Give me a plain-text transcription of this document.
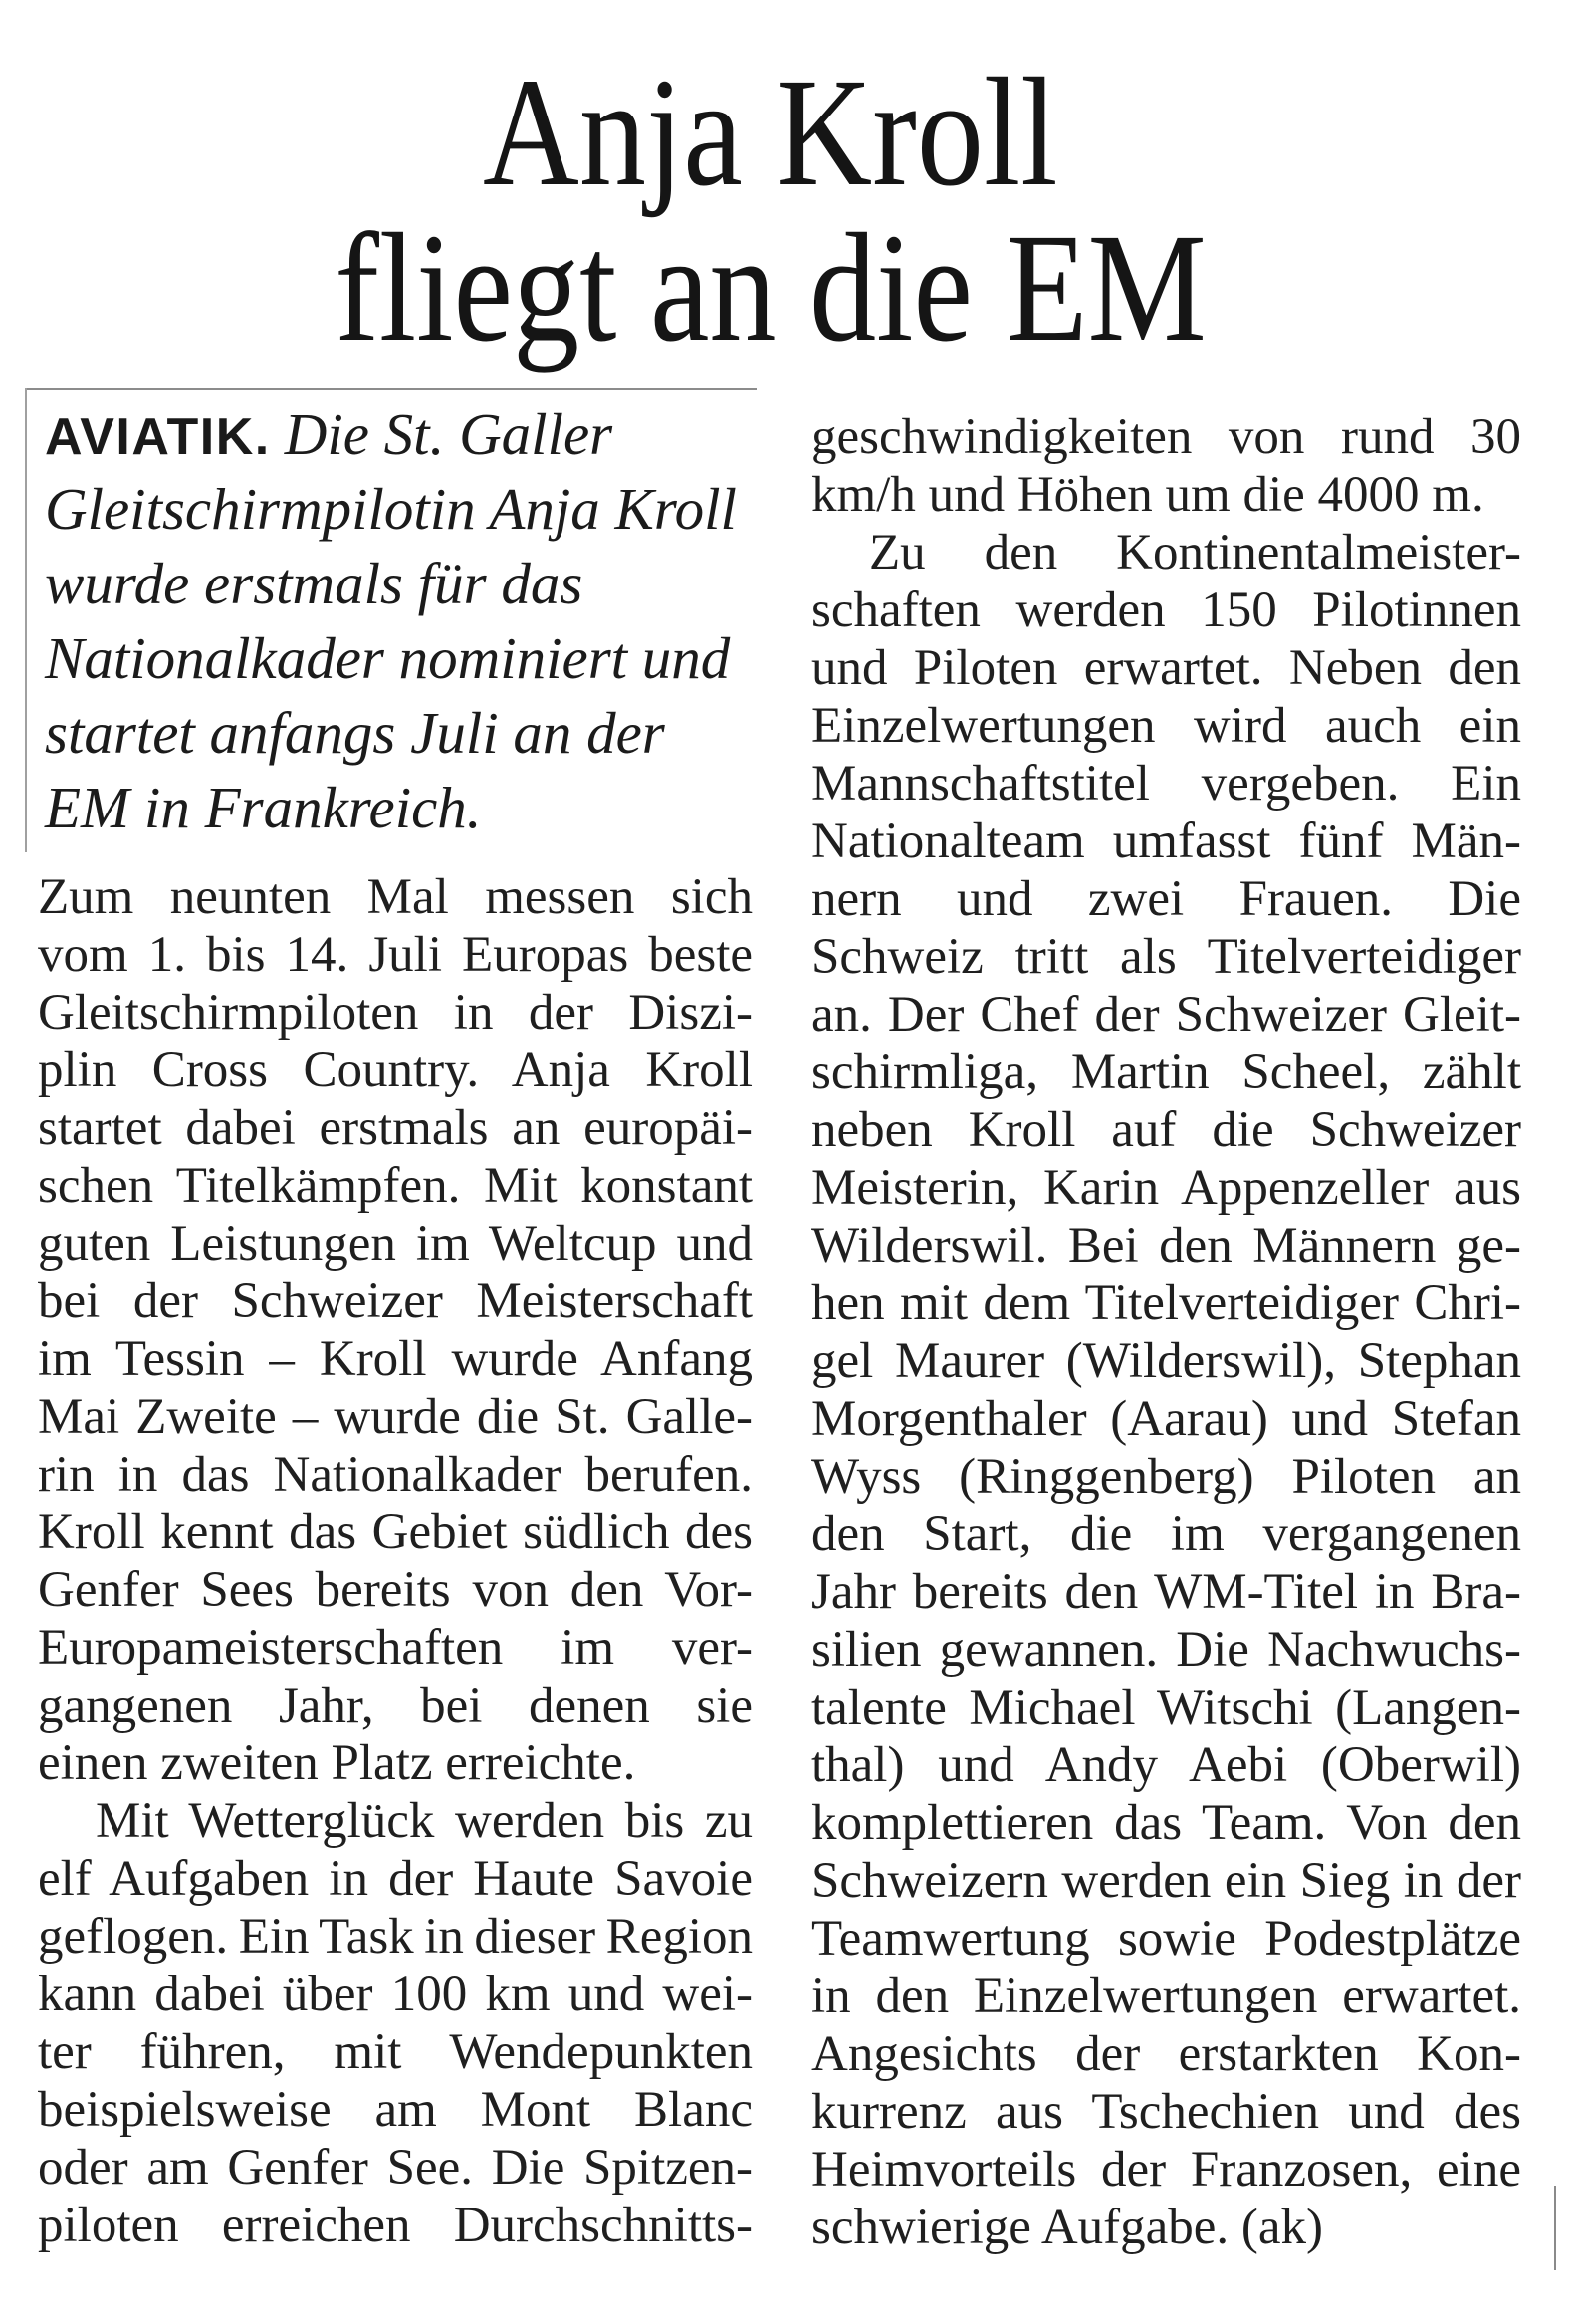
Anja Kroll
fliegt an die EM
AVIATIK. Die St. Galler
Gleitschirmpilotin Anja Kroll
wurde erstmals für das
Nationalkader nominiert und
startet anfangs Juli an der
EM in Frankreich.
Zum neunten Mal messen sich
vom 1. bis 14. Juli Europas beste
Gleitschirmpiloten in der Diszi-
plin Cross Country. Anja Kroll
startet dabei erstmals an europäi-
schen Titelkämpfen. Mit konstant
guten Leistungen im Weltcup und
bei der Schweizer Meisterschaft
im Tessin – Kroll wurde Anfang
Mai Zweite – wurde die St. Galle-
rin in das Nationalkader berufen.
Kroll kennt das Gebiet südlich des
Genfer Sees bereits von den Vor-
Europameisterschaften im ver-
gangenen Jahr, bei denen sie
einen zweiten Platz erreichte.
Mit Wetterglück werden bis zu
elf Aufgaben in der Haute Savoie
geflogen. Ein Task in dieser Region
kann dabei über 100 km und wei-
ter führen, mit Wendepunkten
beispielsweise am Mont Blanc
oder am Genfer See. Die Spitzen-
piloten erreichen Durchschnitts-
geschwindigkeiten von rund 30
km/h und Höhen um die 4000 m.
Zu den Kontinentalmeister-
schaften werden 150 Pilotinnen
und Piloten erwartet. Neben den
Einzelwertungen wird auch ein
Mannschaftstitel vergeben. Ein
Nationalteam umfasst fünf Män-
nern und zwei Frauen. Die
Schweiz tritt als Titelverteidiger
an. Der Chef der Schweizer Gleit-
schirmliga, Martin Scheel, zählt
neben Kroll auf die Schweizer
Meisterin, Karin Appenzeller aus
Wilderswil. Bei den Männern ge-
hen mit dem Titelverteidiger Chri-
gel Maurer (Wilderswil), Stephan
Morgenthaler (Aarau) und Stefan
Wyss (Ringgenberg) Piloten an
den Start, die im vergangenen
Jahr bereits den WM-Titel in Bra-
silien gewannen. Die Nachwuchs-
talente Michael Witschi (Langen-
thal) und Andy Aebi (Oberwil)
komplettieren das Team. Von den
Schweizern werden ein Sieg in der
Teamwertung sowie Podestplätze
in den Einzelwertungen erwartet.
Angesichts der erstarkten Kon-
kurrenz aus Tschechien und des
Heimvorteils der Franzosen, eine
schwierige Aufgabe. (ak)
